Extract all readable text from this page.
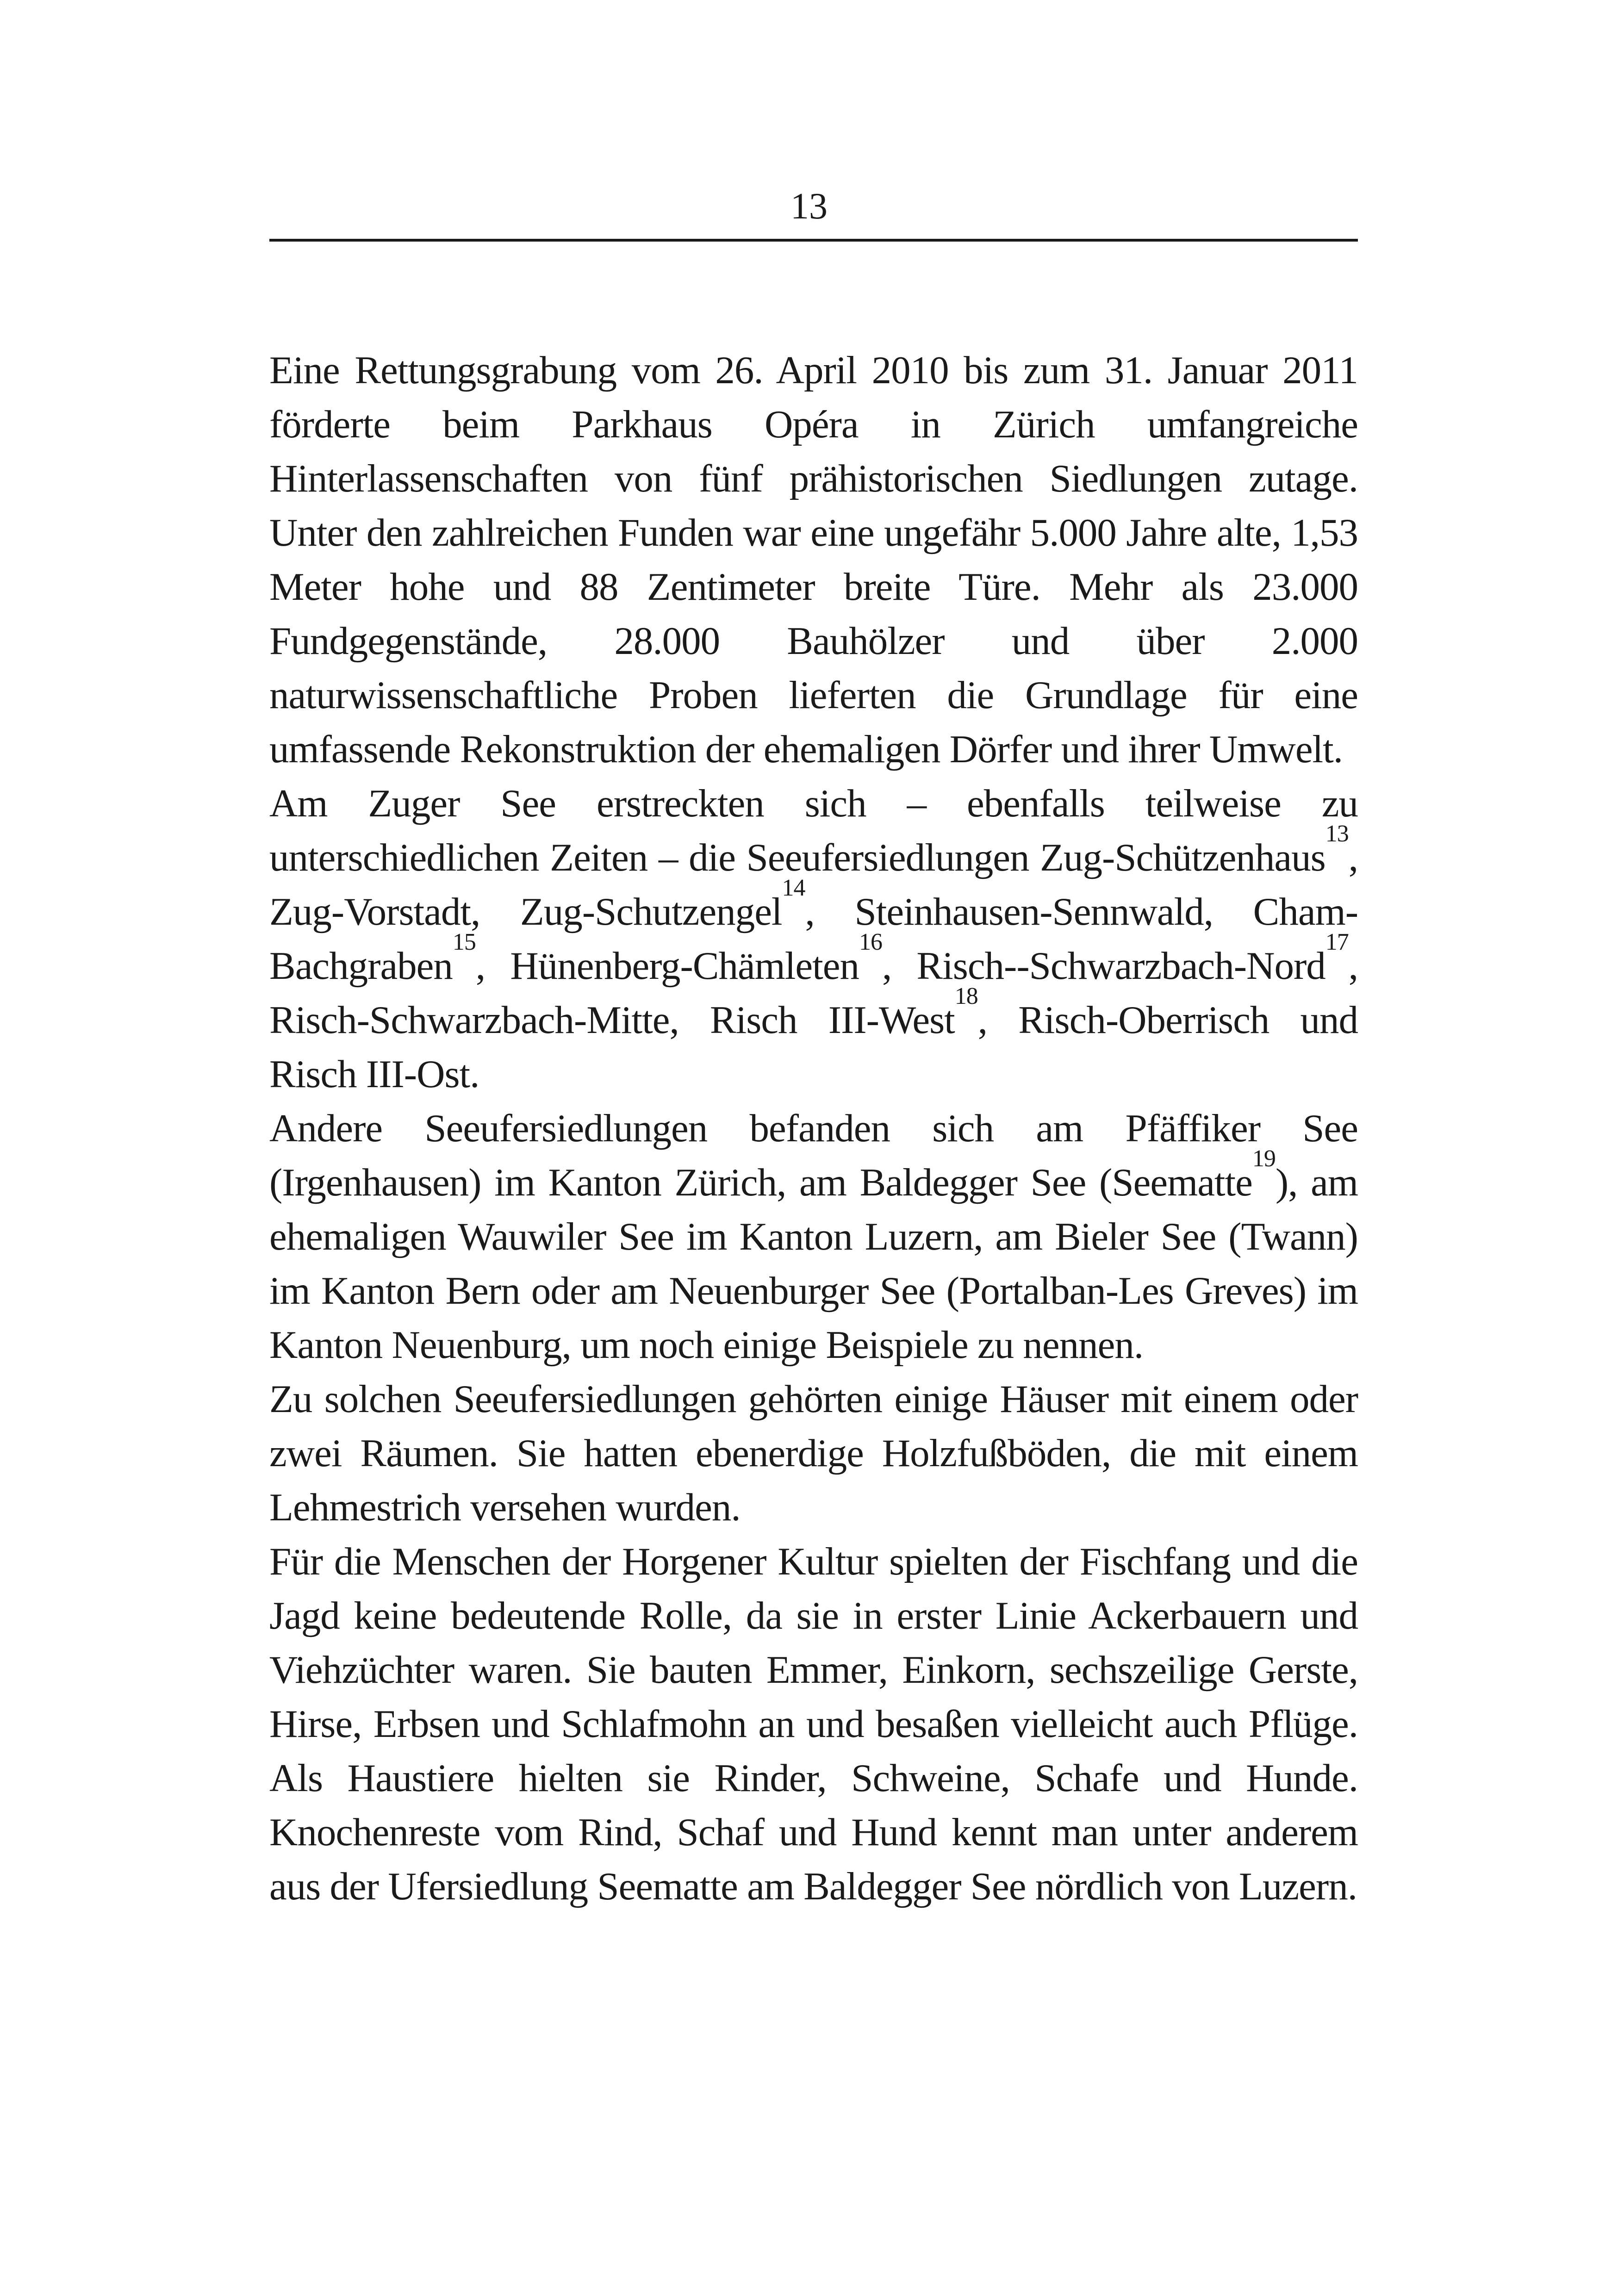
13

Eine Rettungsgrabung vom 26. April 2010 bis zum 31. Januar 2011 förderte beim Parkhaus Opéra in Zürich umfangreiche Hinterlassenschaften von fünf prähistorischen Siedlungen zutage. Unter den zahlreichen Funden war eine ungefähr 5.000 Jahre alte, 1,53 Meter hohe und 88 Zentimeter breite Türe. Mehr als 23.000 Fundgegenstände, 28.000 Bauhölzer und über 2.000 naturwissenschaftliche Proben lieferten die Grundlage für eine umfassende Rekonstruktion der ehemaligen Dörfer und ihrer Umwelt.

Am Zuger See erstreckten sich – ebenfalls teilweise zu unterschiedlichen Zeiten – die Seeufersiedlungen Zug-Schützenhaus$^{13}$, Zug-Vorstadt, Zug-Schutzengel$^{14}$, Steinhausen-Sennwald, Cham-Bachgraben$^{15}$, Hünenberg-Chämleten$^{16}$, Risch--Schwarzbach-Nord$^{17}$, Risch-Schwarzbach-Mitte, Risch III-West$^{18}$, Risch-Oberrisch und Risch III-Ost.

Andere Seeufersiedlungen befanden sich am Pfäffiker See (Irgenhausen) im Kanton Zürich, am Baldegger See (Seematte$^{19}$), am ehemaligen Wauwiler See im Kanton Luzern, am Bieler See (Twann) im Kanton Bern oder am Neuenburger See (Portalban-Les Greves) im Kanton Neuenburg, um noch einige Beispiele zu nennen.

Zu solchen Seeufersiedlungen gehörten einige Häuser mit einem oder zwei Räumen. Sie hatten ebenerdige Holzfußböden, die mit einem Lehmestrich versehen wurden.

Für die Menschen der Horgener Kultur spielten der Fischfang und die Jagd keine bedeutende Rolle, da sie in erster Linie Ackerbauern und Viehzüchter waren. Sie bauten Emmer, Einkorn, sechszeilige Gerste, Hirse, Erbsen und Schlafmohn an und besaßen vielleicht auch Pflüge. Als Haustiere hielten sie Rinder, Schweine, Schafe und Hunde. Knochenreste vom Rind, Schaf und Hund kennt man unter anderem aus der Ufersiedlung Seematte am Baldegger See nördlich von Luzern.
